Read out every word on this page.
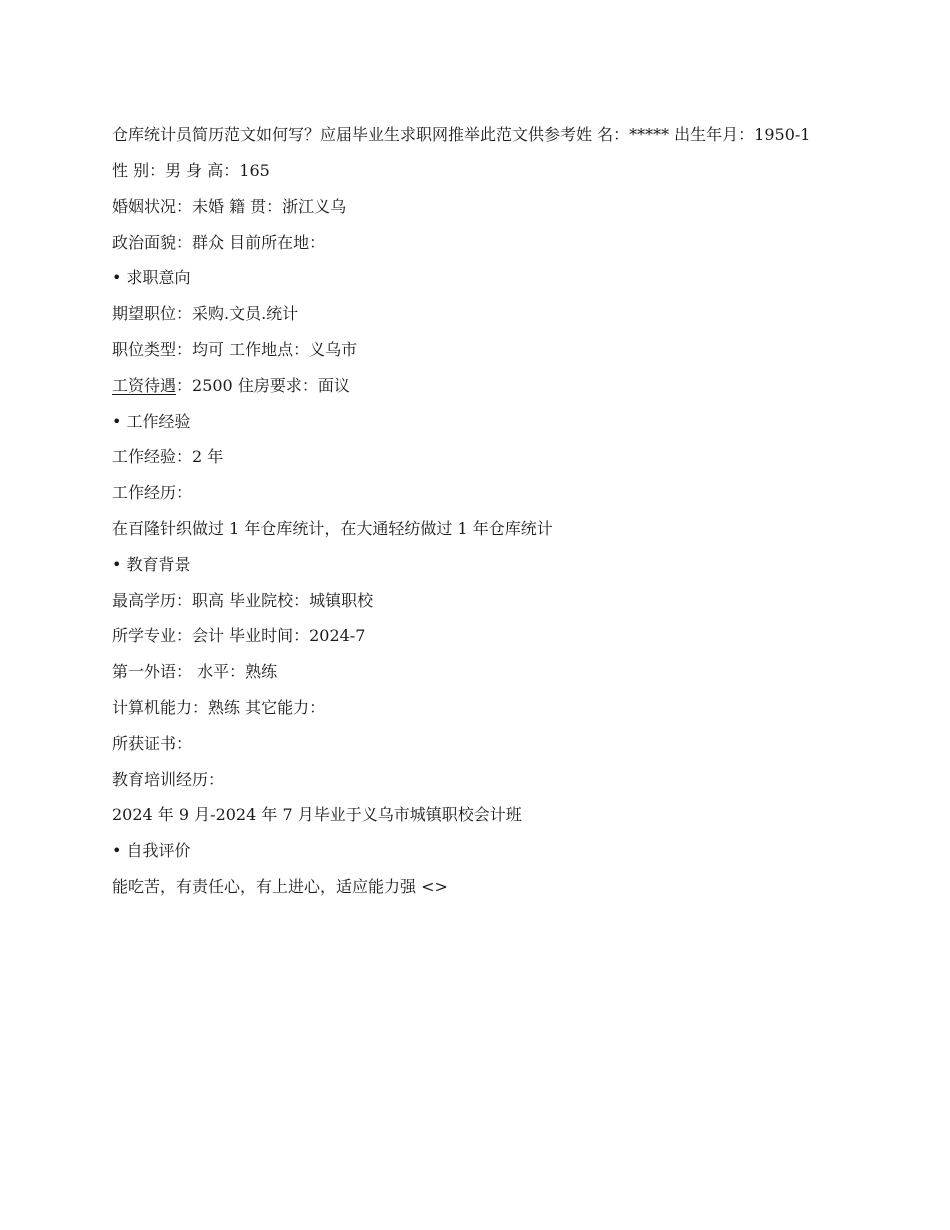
仓库统计员简历范文如何写？应届毕业生求职网推举此范文供参考姓 名：***** 出生年月：1950-1

性 别：男 身 高：165

婚姻状况：未婚 籍 贯：浙江义乌

政治面貌：群众 目前所在地：

• 求职意向

期望职位：采购.文员.统计

职位类型：均可 工作地点：义乌市

工资待遇：2500 住房要求：面议

• 工作经验

工作经验：2 年

工作经历：

在百隆针织做过 1 年仓库统计，在大通轻纺做过 1 年仓库统计

• 教育背景

最高学历：职高 毕业院校：城镇职校

所学专业：会计 毕业时间：2024-7

第一外语： 水平：熟练

计算机能力：熟练 其它能力：

所获证书：

教育培训经历：

2024 年 9 月-2024 年 7 月毕业于义乌市城镇职校会计班

• 自我评价

能吃苦，有责任心，有上进心，适应能力强 <>
